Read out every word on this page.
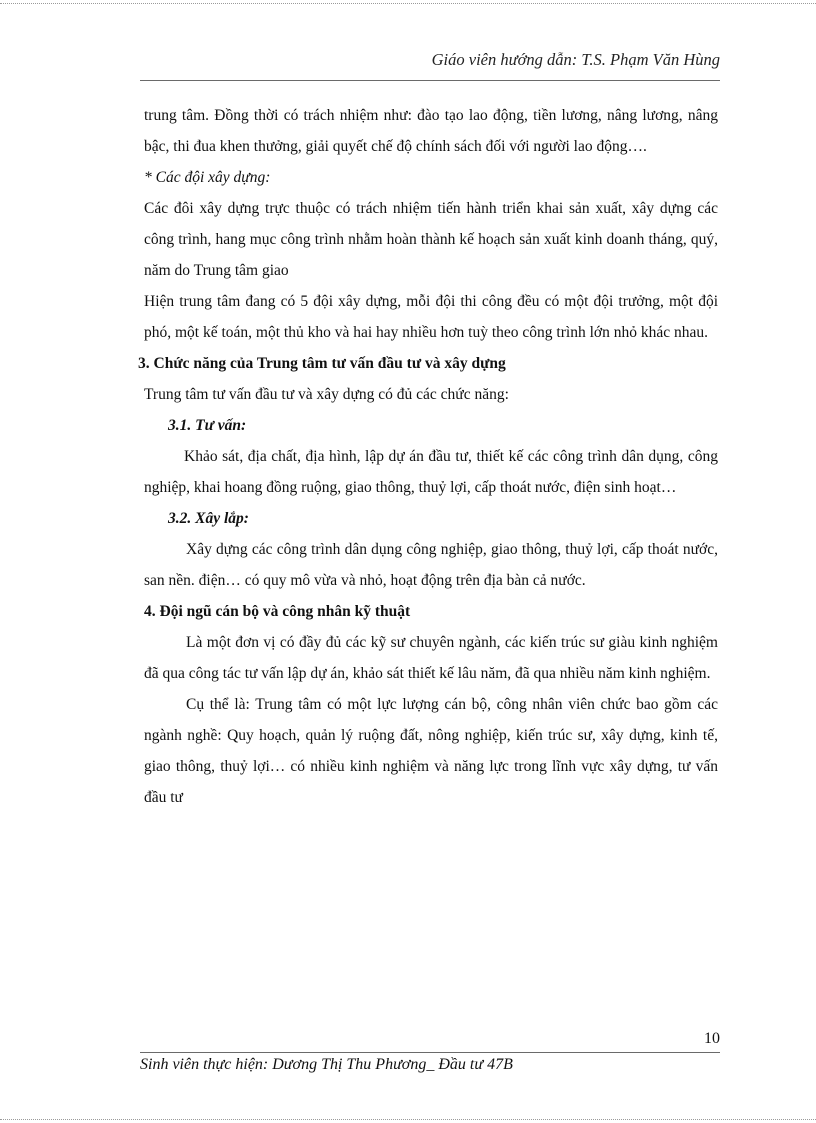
Giáo viên hướng dẫn: T.S. Phạm Văn Hùng

trung tâm. Đồng thời có trách nhiệm như: đào tạo lao động, tiền lương, nâng lương, nâng bậc, thi đua khen thưởng, giải quyết chế độ chính sách đối với người lao động….

* Các đội xây dựng:

Các đôi xây dựng trực thuộc có trách nhiệm tiến hành triển khai sản xuất, xây dựng các công trình, hang mục công trình nhằm hoàn thành kế hoạch sản xuất kinh doanh tháng, quý, năm do Trung tâm giao

Hiện trung tâm đang có 5 đội xây dựng, mỗi đội thi công đều có một đội trưởng, một đội phó, một kế toán, một thủ kho và hai hay nhiều hơn tuỳ theo công trình lớn nhỏ khác nhau.

3. Chức năng của Trung tâm tư vấn đầu tư và xây dựng

Trung tâm tư vấn đầu tư và xây dựng có đủ các chức năng:

3.1. Tư vấn:

Khảo sát, địa chất, địa hình, lập dự án đầu tư, thiết kế các công trình dân dụng, công nghiệp, khai hoang đồng ruộng, giao thông, thuỷ lợi, cấp thoát nước, điện sinh hoạt…

3.2. Xây lắp:

Xây dựng các công trình dân dụng công nghiệp, giao thông, thuỷ lợi, cấp thoát nước, san nền. điện… có quy mô vừa và nhỏ, hoạt động trên địa bàn cả nước.

4. Đội ngũ cán bộ và công nhân kỹ thuật

Là một đơn vị có đầy đủ các kỹ sư chuyên ngành, các kiến trúc sư giàu kinh nghiệm đã qua công tác tư vấn lập dự án, khảo sát thiết kế lâu năm, đã qua nhiều năm kinh nghiệm.

Cụ thể là: Trung tâm có một lực lượng cán bộ, công nhân viên chức bao gồm các ngành nghề: Quy hoạch, quản lý ruộng đất, nông nghiệp, kiến trúc sư, xây dựng, kinh tế, giao thông, thuỷ lợi… có nhiều kinh nghiệm và năng lực trong lĩnh vực xây dựng, tư vấn đầu tư

10
Sinh viên thực hiện: Dương Thị Thu Phương_ Đầu tư 47B
